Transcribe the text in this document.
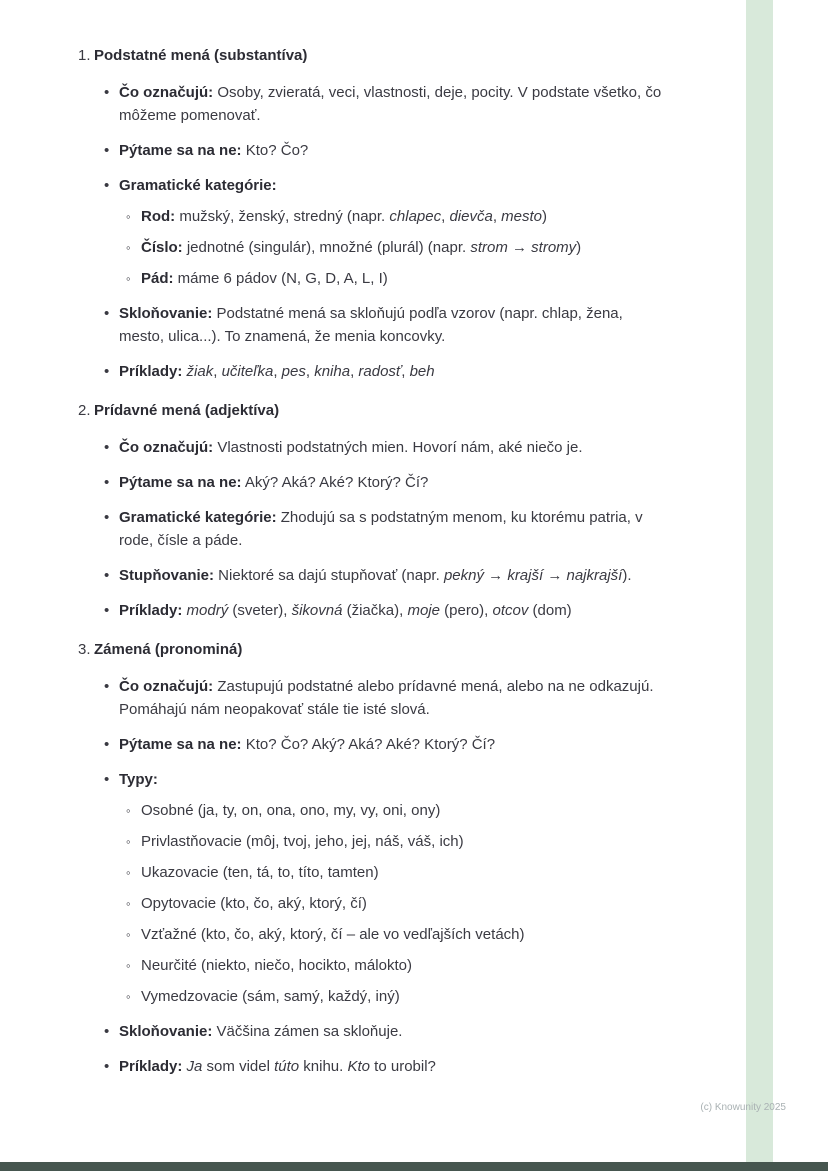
1. Podstatné mená (substantíva)
• Čo označujú: Osoby, zvieratá, veci, vlastnosti, deje, pocity. V podstate všetko, čo môžeme pomenovať.
• Pýtame sa na ne: Kto? Čo?
• Gramatické kategórie:
◦ Rod: mužský, ženský, stredný (napr. chlapec, dievča, mesto)
◦ Číslo: jednotné (singulár), množné (plurál) (napr. strom → stromy)
◦ Pád: máme 6 pádov (N, G, D, A, L, I)
• Skloňovanie: Podstatné mená sa skloňujú podľa vzorov (napr. chlap, žena, mesto, ulica...). To znamená, že menia koncovky.
• Príklady: žiak, učiteľka, pes, kniha, radosť, beh
2. Prídavné mená (adjektíva)
• Čo označujú: Vlastnosti podstatných mien. Hovorí nám, aké niečo je.
• Pýtame sa na ne: Aký? Aká? Aké? Ktorý? Čí?
• Gramatické kategórie: Zhodujú sa s podstatným menom, ku ktorému patria, v rode, čísle a páde.
• Stupňovanie: Niektoré sa dajú stupňovať (napr. pekný → krajší → najkrajší).
• Príklady: modrý (sveter), šikovná (žiačka), moje (pero), otcov (dom)
3. Zámená (pronominá)
• Čo označujú: Zastupujú podstatné alebo prídavné mená, alebo na ne odkazujú. Pomáhajú nám neopakovať stále tie isté slová.
• Pýtame sa na ne: Kto? Čo? Aký? Aká? Aké? Ktorý? Čí?
• Typy:
◦ Osobné (ja, ty, on, ona, ono, my, vy, oni, ony)
◦ Privlastňovacie (môj, tvoj, jeho, jej, náš, váš, ich)
◦ Ukazovacie (ten, tá, to, títo, tamten)
◦ Opytovacie (kto, čo, aký, ktorý, čí)
◦ Vzťažné (kto, čo, aký, ktorý, čí – ale vo vedľajších vetách)
◦ Neurčité (niekto, niečo, hocikto, málokto)
◦ Vymedzovacie (sám, samý, každý, iný)
• Skloňovanie: Väčšina zámen sa skloňuje.
• Príklady: Ja som videl túto knihu. Kto to urobil?
(c) Knowunity 2025
